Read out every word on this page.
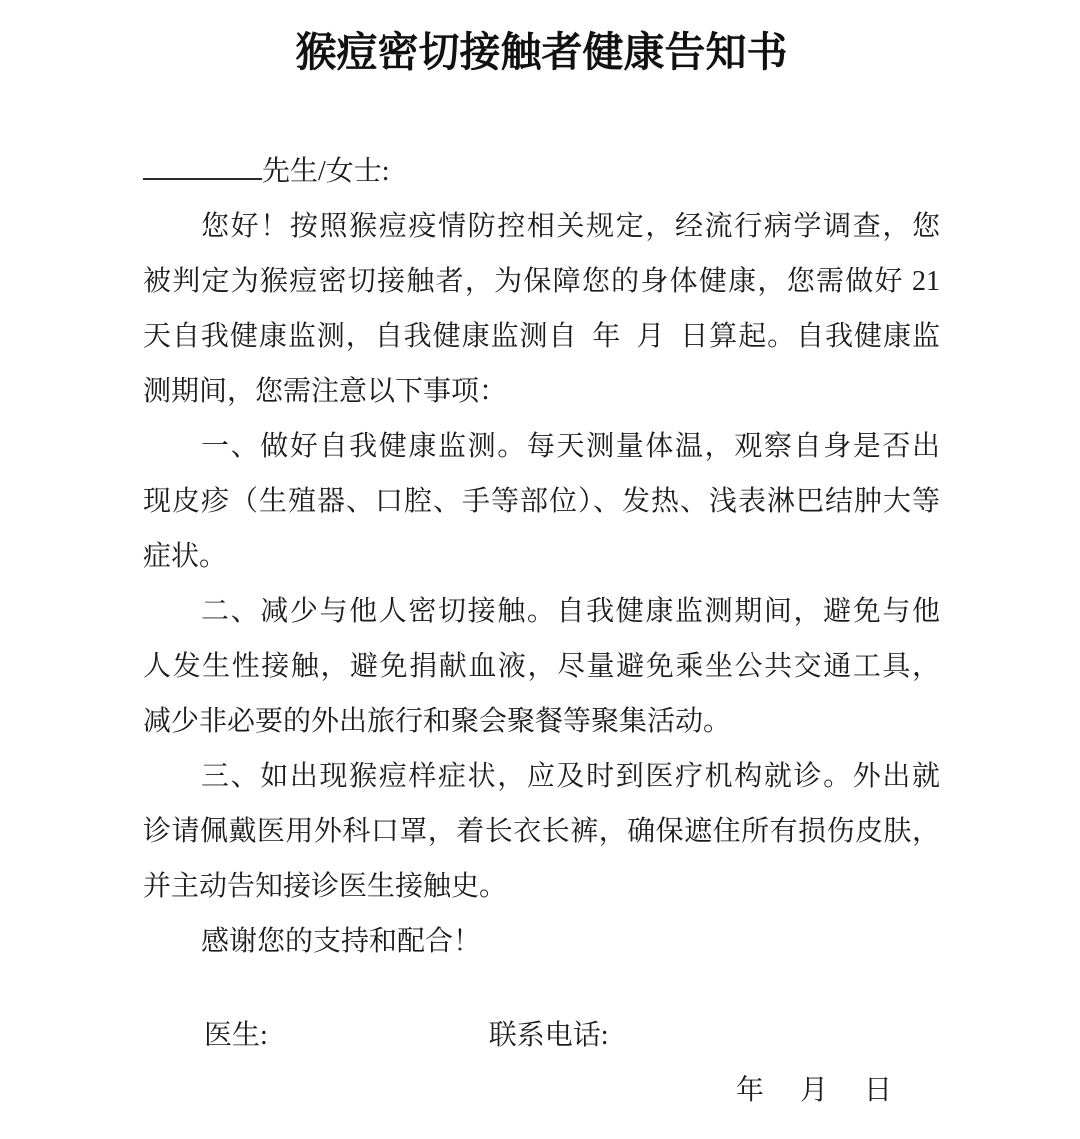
猴痘密切接触者健康告知书
先生/女士:
您好！按照猴痘疫情防控相关规定，经流行病学调查，您
被判定为猴痘密切接触者，为保障您的身体健康，您需做好 21
天自我健康监测，自我健康监测自 年 月 日算起。自我健康监
测期间，您需注意以下事项：
一、做好自我健康监测。每天测量体温，观察自身是否出
现皮疹（生殖器、口腔、手等部位）、发热、浅表淋巴结肿大等
症状。
二、减少与他人密切接触。自我健康监测期间，避免与他
人发生性接触，避免捐献血液，尽量避免乘坐公共交通工具，
减少非必要的外出旅行和聚会聚餐等聚集活动。
三、如出现猴痘样症状，应及时到医疗机构就诊。外出就
诊请佩戴医用外科口罩，着长衣长裤，确保遮住所有损伤皮肤，
并主动告知接诊医生接触史。
感谢您的支持和配合！
医生:	联系电话:
年　月　日
